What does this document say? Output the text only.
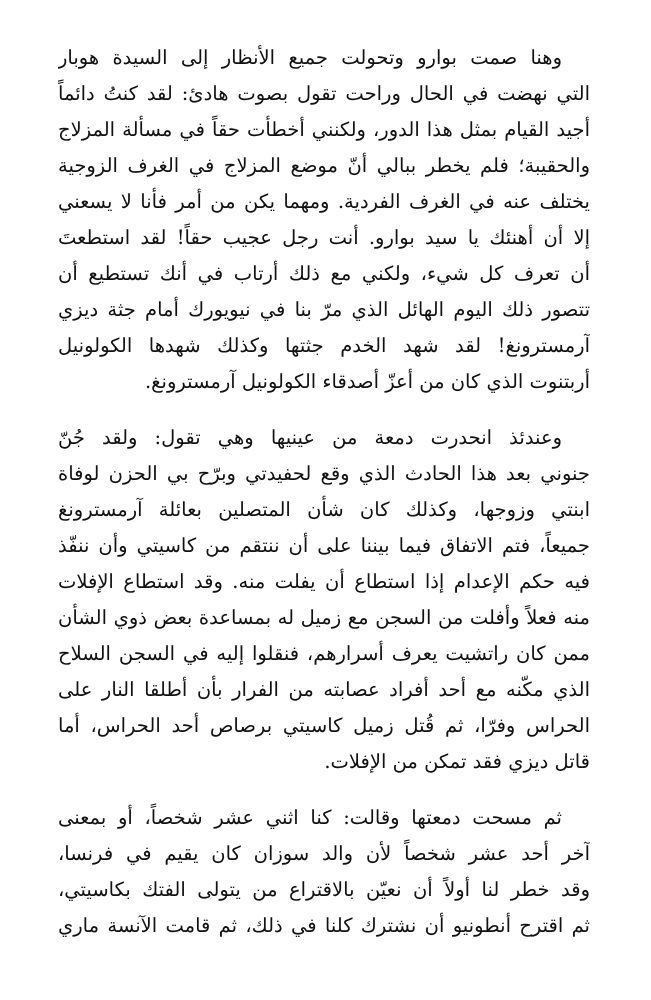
وهنا صمت بوارو وتحولت جميع الأنظار إلى السيدة هوبار
التي نهضت في الحال وراحت تقول بصوت هادئ: لقد كنتُ دائماً
أجيد القيام بمثل هذا الدور، ولكنني أخطأت حقاً في مسألة المزلاج
والحقيبة؛ فلم يخطر ببالي أنّ موضع المزلاج في الغرف الزوجية
يختلف عنه في الغرف الفردية. ومهما يكن من أمر فأنا لا يسعني
إلا أن أهنئك يا سيد بوارو. أنت رجل عجيب حقاً! لقد استطعتَ
أن تعرف كل شيء، ولكني مع ذلك أرتاب في أنك تستطيع أن
تتصور ذلك اليوم الهائل الذي مرّ بنا في نيويورك أمام جثة ديزي
آرمسترونغ! لقد شهد الخدم جثتها وكذلك شهدها الكولونيل
أربتنوت الذي كان من أعزّ أصدقاء الكولونيل آرمسترونغ.
وعندئذ انحدرت دمعة من عينيها وهي تقول: ولقد جُنّ
جنوني بعد هذا الحادث الذي وقع لحفيدتي وبرّح بي الحزن لوفاة
ابنتي وزوجها، وكذلك كان شأن المتصلين بعائلة آرمسترونغ
جميعاً، فتم الاتفاق فيما بيننا على أن ننتقم من كاسيتي وأن ننفّذ
فيه حكم الإعدام إذا استطاع أن يفلت منه. وقد استطاع الإفلات
منه فعلاً وأفلت من السجن مع زميل له بمساعدة بعض ذوي الشأن
ممن كان راتشيت يعرف أسرارهم، فنقلوا إليه في السجن السلاح
الذي مكّنه مع أحد أفراد عصابته من الفرار بأن أطلقا النار على
الحراس وفرّا، ثم قُتل زميل كاسيتي برصاص أحد الحراس، أما
قاتل ديزي فقد تمكن من الإفلات.
ثم مسحت دمعتها وقالت: كنا اثني عشر شخصاً، أو بمعنى
آخر أحد عشر شخصاً لأن والد سوزان كان يقيم في فرنسا،
وقد خطر لنا أولاً أن نعيّن بالاقتراع من يتولى الفتك بكاسيتي،
ثم اقترح أنطونيو أن نشترك كلنا في ذلك، ثم قامت الآنسة ماري
